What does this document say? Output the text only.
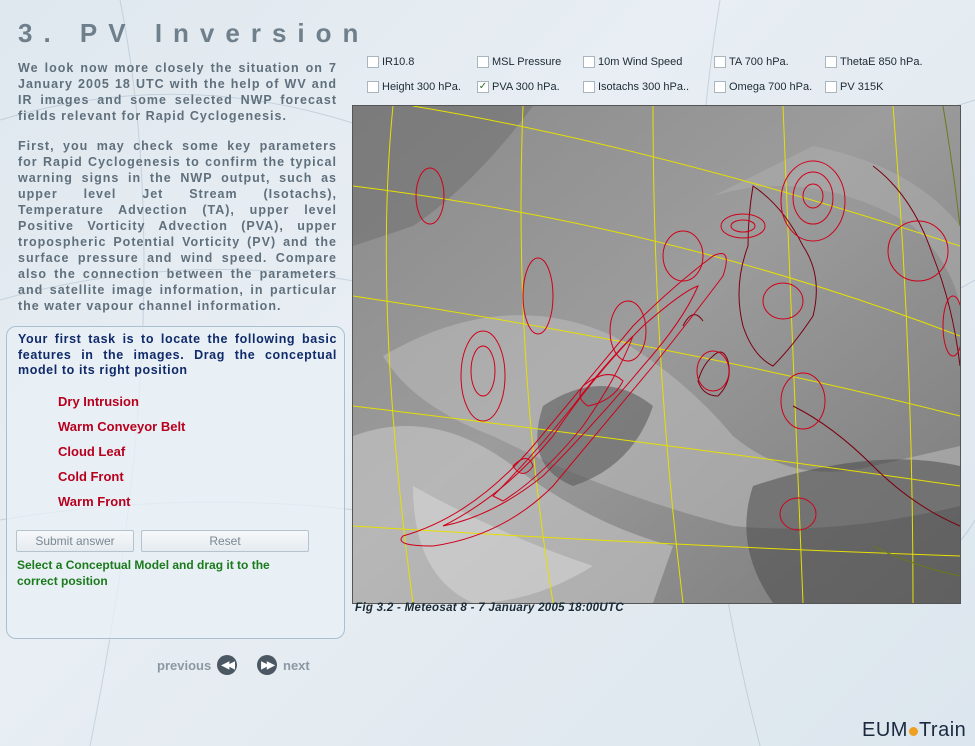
3. PV Inversion

We look now more closely the situation on 7 January 2005 18 UTC with the help of WV and IR images and some selected NWP forecast fields relevant for Rapid Cyclogenesis.

First, you may check some key parameters for Rapid Cyclogenesis to confirm the typical warning signs in the NWP output, such as upper level Jet Stream (Isotachs), Temperature Advection (TA), upper level Positive Vorticity Advection (PVA), upper tropospheric Potential Vorticity (PV) and the surface pressure and wind speed. Compare also the connection between the parameters and satellite image information, in particular the water vapour channel information.

Your first task is to locate the following basic features in the images. Drag the conceptual model to its right position
Dry Intrusion
Warm Conveyor Belt
Cloud Leaf
Cold Front
Warm Front
Submit answer	Reset
Select a Conceptual Model and drag it to the correct position
previous	◀◀	▶▶ next
IR10.8	MSL Pressure	10m Wind Speed	TA 700 hPa.	ThetaE 850 hPa.
Height 300 hPa. ✓ PVA 300 hPa.	Isotachs 300 hPa..	Omega 700 hPa.	PV 315K
Fig 3.2 - Meteosat 8 - 7 January 2005 18:00UTC
EUM Train
